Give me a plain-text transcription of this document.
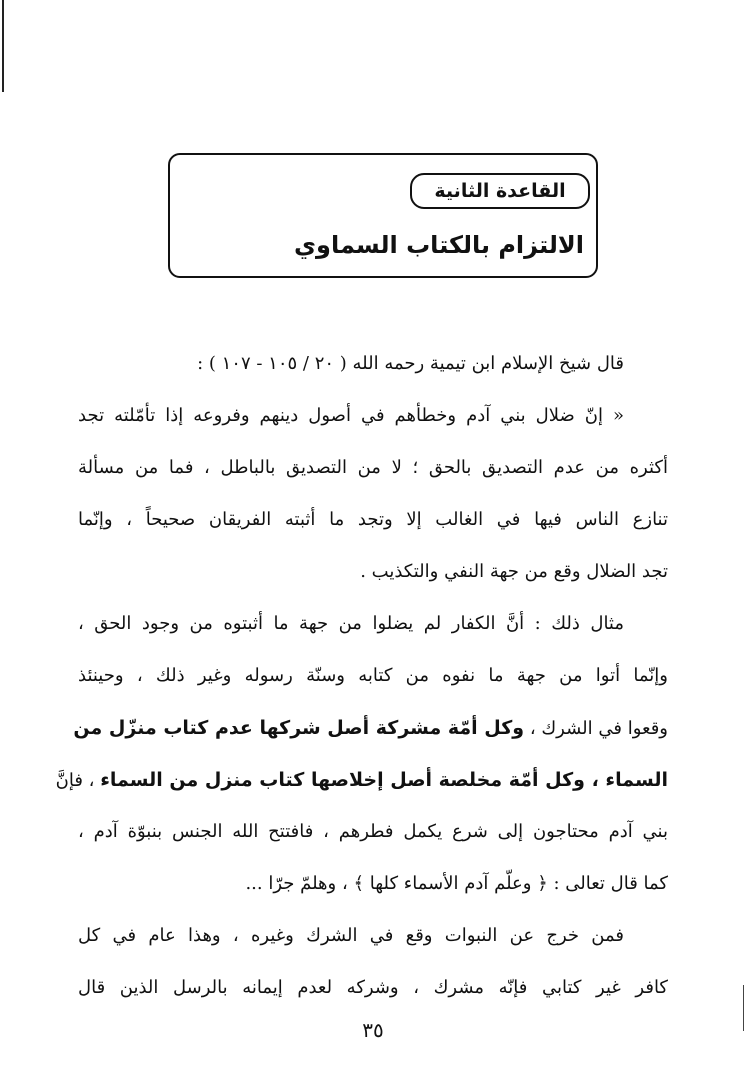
القاعدة الثانية
الالتزام بالكتاب السماوي
قال شيخ الإسلام ابن تيمية رحمه الله ( ٢٠ / ١٠٥ - ١٠٧ ) :
« إنّ ضلال بني آدم وخطأهم في أصول دينهم وفروعه إذا تأمّلته تجد
أكثره من عدم التصديق بالحق ؛ لا من التصديق بالباطل ، فما من مسألة
تنازع الناس فيها في الغالب إلا وتجد ما أثبته الفريقان صحيحاً ، وإنّما
تجد الضلال وقع من جهة النفي والتكذيب .
مثال ذلك : أنَّ الكفار لم يضلوا من جهة ما أثبتوه من وجود الحق ،
وإنّما أتوا من جهة ما نفوه من كتابه وسنّة رسوله وغير ذلك ، وحينئذ
وقعوا في الشرك ، وكل أمّة مشركة أصل شركها عدم كتاب منزّل من
السماء ، وكل أمّة مخلصة أصل إخلاصها كتاب منزل من السماء ، فإنَّ
بني آدم محتاجون إلى شرع يكمل فطرهم ، فافتتح الله الجنس بنبوّة آدم ،
كما قال تعالى : ﴿ وعلّم آدم الأسماء كلها ﴾ ، وهلمّ جرّا ...
فمن خرج عن النبوات وقع في الشرك وغيره ، وهذا عام في كل
كافر غير كتابي فإنّه مشرك ، وشركه لعدم إيمانه بالرسل الذين قال
٣٥
